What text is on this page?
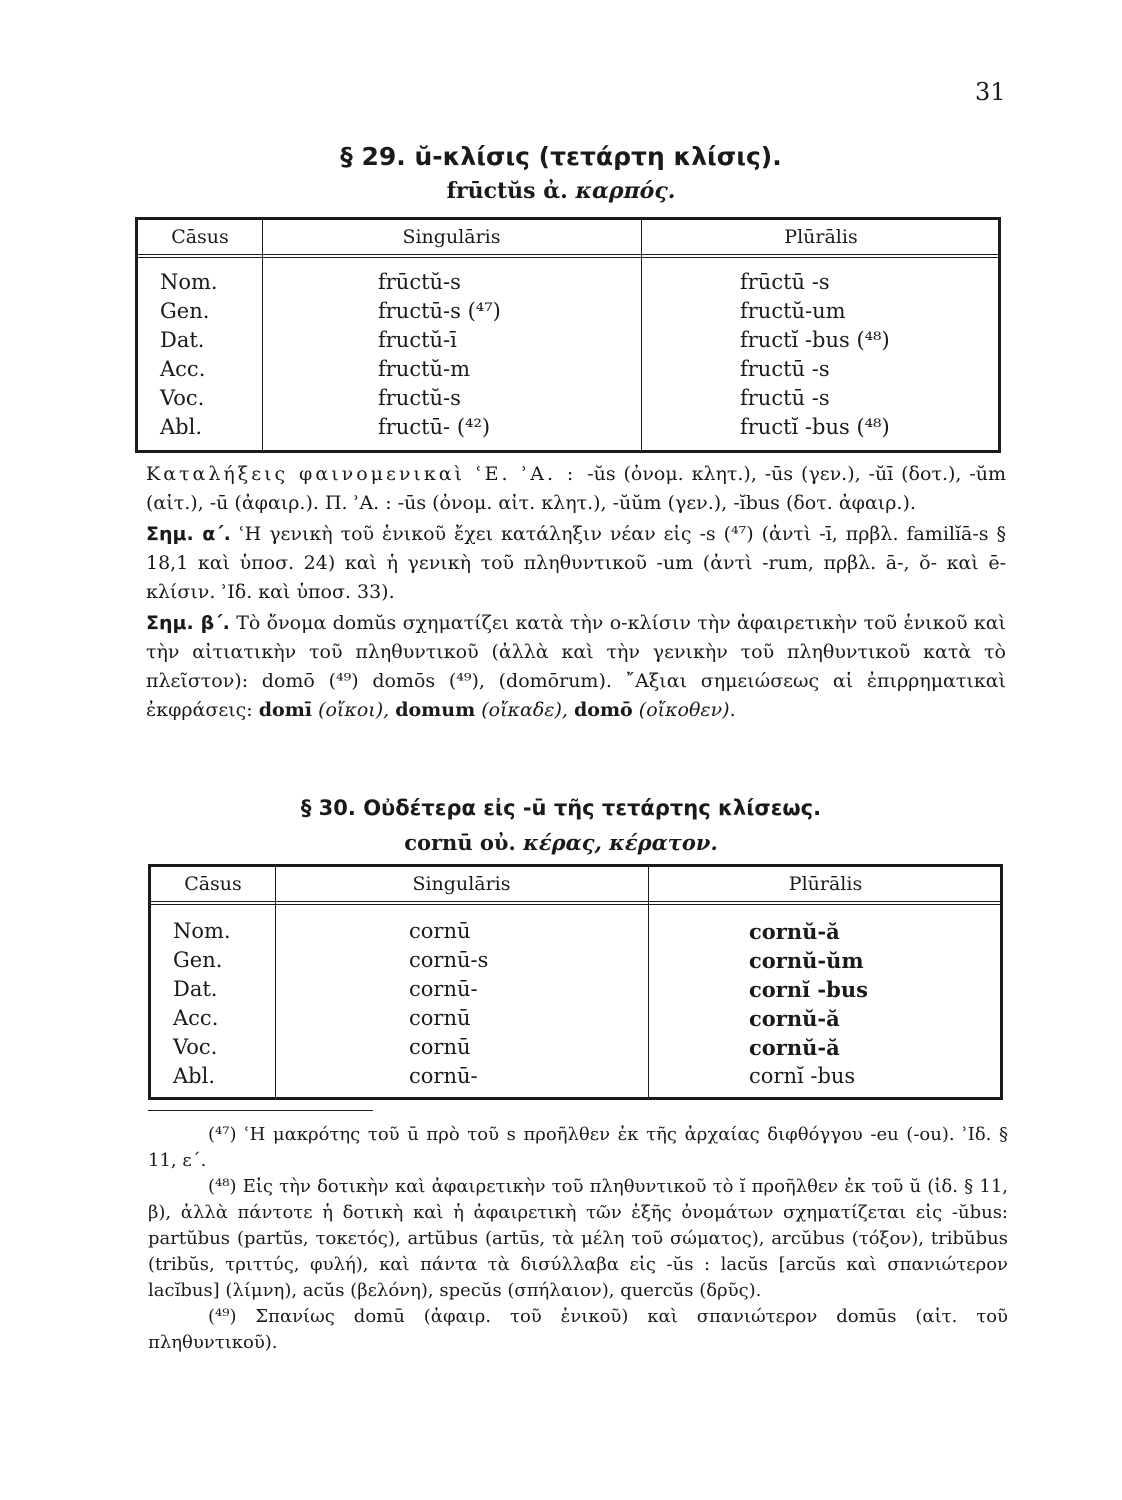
31
§ 29. ŭ-κλίσις (τετάρτη κλίσις).
frūctŭs ἀ. καρπός.
Cāsus	Singulāris	Plūrālis
Nom.	frūctŭ-s	frūctū -s
Gen.	fructū-s (⁴⁷)	fructŭ-um
Dat.	fructŭ-ī	fructĭ -bus (⁴⁸)
Acc.	fructŭ-m	fructū -s
Voc.	fructŭ-s	fructū -s
Abl.	fructū- (⁴²)	fructĭ -bus (⁴⁸)

Καταλήξεις φαινομενικαὶ ʿΕ. ʾΑ. : -ŭs (ὀνομ. κλητ.), -ūs (γεν.), -ŭī (δοτ.), -ŭm (αἰτ.), -ū (ἀφαιρ.). Π. ʾΑ. : -ūs (ὀνομ. αἰτ. κλητ.), -ŭŭm (γεν.), -ĭbus (δοτ. ἀφαιρ.).

Σημ. α΄. ʿΗ γενικὴ τοῦ ἑνικοῦ ἔχει κατάληξιν νέαν εἰς -s (⁴⁷) (ἀντὶ -ī, πρβλ. familĭā-s § 18,1 καὶ ὑποσ. 24) καὶ ἡ γενικὴ τοῦ πληθυντικοῦ -um (ἀντὶ -rum, πρβλ. ā-, ŏ- καὶ ē-κλίσιν. ʾΙδ. καὶ ὑποσ. 33).

Σημ. β΄. Τὸ ὄνομα domŭs σχηματίζει κατὰ τὴν o-κλίσιν τὴν ἀφαιρετικὴν τοῦ ἑνικοῦ καὶ τὴν αἰτιατικὴν τοῦ πληθυντικοῦ (ἀλλὰ καὶ τὴν γενικὴν τοῦ πληθυντικοῦ κατὰ τὸ πλεῖστον): domō (⁴⁹) domōs (⁴⁹), (domōrum). ῎Αξιαι σημειώσεως αἱ ἐπιρρηματικαὶ ἐκφράσεις: domī (οἴκοι), domum (οἴκαδε), domō (οἴκοθεν).

§ 30. Οὐδέτερα εἰς -ū τῆς τετάρτης κλίσεως.
cornū οὐ. κέρας, κέρατον.
Cāsus	Singulāris	Plūrālis
Nom.	cornū	cornŭ-ă
Gen.	cornū-s	cornŭ-ŭm
Dat.	cornū-	cornĭ -bus
Acc.	cornū	cornŭ-ă
Voc.	cornū	cornŭ-ă
Abl.	cornū-	cornĭ -bus

(⁴⁷) ʿΗ μακρότης τοῦ ū πρὸ τοῦ s προῆλθεν ἐκ τῆς ἀρχαίας διφθόγγου -eu (-ou). ʾΙδ. § 11, ε΄.

(⁴⁸) Εἰς τὴν δοτικὴν καὶ ἀφαιρετικὴν τοῦ πληθυντικοῦ τὸ ĭ προῆλθεν ἐκ τοῦ ŭ (ἰδ. § 11, β), ἀλλὰ πάντοτε ἡ δοτικὴ καὶ ἡ ἀφαιρετικὴ τῶν ἑξῆς ὀνομάτων σχηματίζεται εἰς -ŭbus: partŭbus (partŭs, τοκετός), artŭbus (artūs, τὰ μέλη τοῦ σώματος), arcŭbus (τόξον), tribŭbus (tribŭs, τριττύς, φυλή), καὶ πάντα τὰ δισύλλαβα εἰς -ŭs : lacŭs [arcŭs καὶ σπανιώτερον lacĭbus] (λίμνη), acŭs (βελόνη), specŭs (σπήλαιον), quercŭs (δρῦς).

(⁴⁹) Σπανίως domū (ἀφαιρ. τοῦ ἑνικοῦ) καὶ σπανιώτερον domūs (αἰτ. τοῦ πληθυντικοῦ).
